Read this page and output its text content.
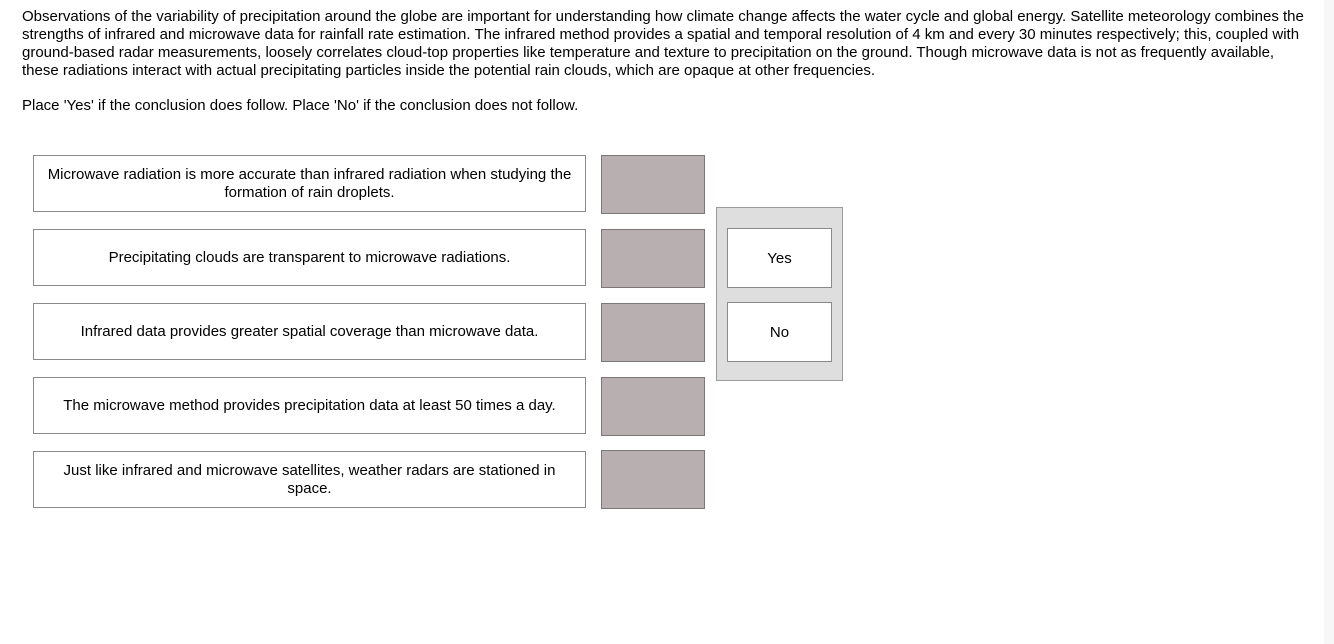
Observations of the variability of precipitation around the globe are important for understanding how climate change affects the water cycle and global energy. Satellite meteorology combines the strengths of infrared and microwave data for rainfall rate estimation. The infrared method provides a spatial and temporal resolution of 4 km and every 30 minutes respectively; this, coupled with ground-based radar measurements, loosely correlates cloud-top properties like temperature and texture to precipitation on the ground. Though microwave data is not as frequently available, these radiations interact with actual precipitating particles inside the potential rain clouds, which are opaque at other frequencies.
Place 'Yes' if the conclusion does follow. Place 'No' if the conclusion does not follow.
Microwave radiation is more accurate than infrared radiation when studying the formation of rain droplets.
Precipitating clouds are transparent to microwave radiations.
Infrared data provides greater spatial coverage than microwave data.
The microwave method provides precipitation data at least 50 times a day.
Just like infrared and microwave satellites, weather radars are stationed in space.
Yes
No
